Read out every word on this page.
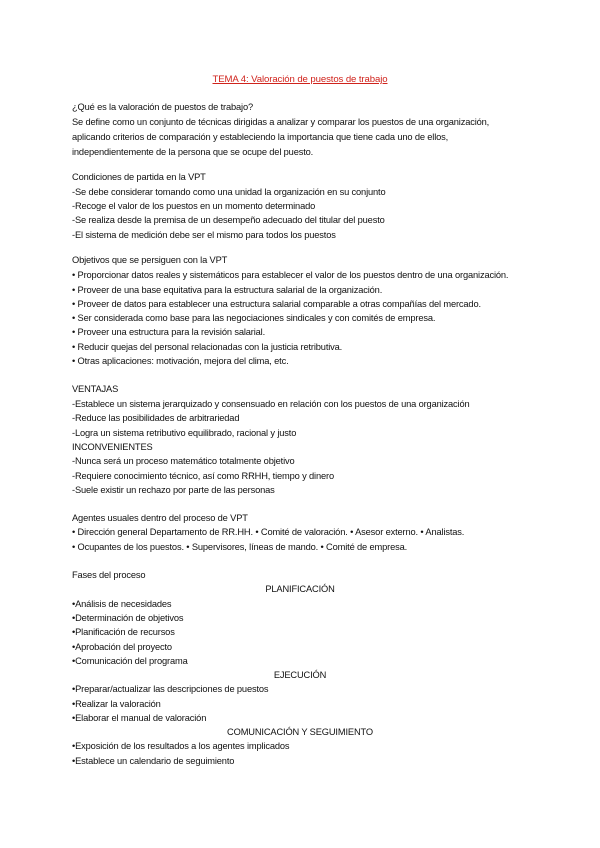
TEMA 4: Valoración de puestos de trabajo
¿Qué es la valoración de puestos de trabajo?
Se define como un conjunto de técnicas dirigidas a analizar y comparar los puestos de una organización,
aplicando criterios de comparación y estableciendo la importancia que tiene cada uno de ellos,
independientemente de la persona que se ocupe del puesto.
Condiciones de partida en la VPT
-Se debe considerar tomando como una unidad la organización en su conjunto
-Recoge el valor de los puestos en un momento determinado
-Se realiza desde la premisa de un desempeño adecuado del titular del puesto
-El sistema de medición debe ser el mismo para todos los puestos
Objetivos que se persiguen con la VPT
• Proporcionar datos reales y sistemáticos para establecer el valor de los puestos dentro de una organización.
• Proveer de una base equitativa para la estructura salarial de la organización.
• Proveer de datos para establecer una estructura salarial comparable a otras compañías del mercado.
• Ser considerada como base para las negociaciones sindicales y con comités de empresa.
• Proveer una estructura para la revisión salarial.
• Reducir quejas del personal relacionadas con la justicia retributiva.
• Otras aplicaciones: motivación, mejora del clima, etc.
VENTAJAS
-Establece un sistema jerarquizado y consensuado en relación con los puestos de una organización
-Reduce las posibilidades de arbitrariedad
-Logra un sistema retributivo equilibrado, racional y justo
INCONVENIENTES
-Nunca será un proceso matemático totalmente objetivo
-Requiere conocimiento técnico, así como RRHH, tiempo y dinero
-Suele existir un rechazo por parte de las personas
Agentes usuales dentro del proceso de VPT
• Dirección general Departamento de RR.HH. • Comité de valoración. • Asesor externo. • Analistas.
• Ocupantes de los puestos. • Supervisores, líneas de mando. • Comité de empresa.
Fases del proceso
PLANIFICACIÓN
•Análisis de necesidades
•Determinación de objetivos
•Planificación de recursos
•Aprobación del proyecto
•Comunicación del programa
EJECUCIÓN
•Preparar/actualizar las descripciones de puestos
•Realizar la valoración
•Elaborar el manual de valoración
COMUNICACIÓN Y SEGUIMIENTO
•Exposición de los resultados a los agentes implicados
•Establece un calendario de seguimiento
